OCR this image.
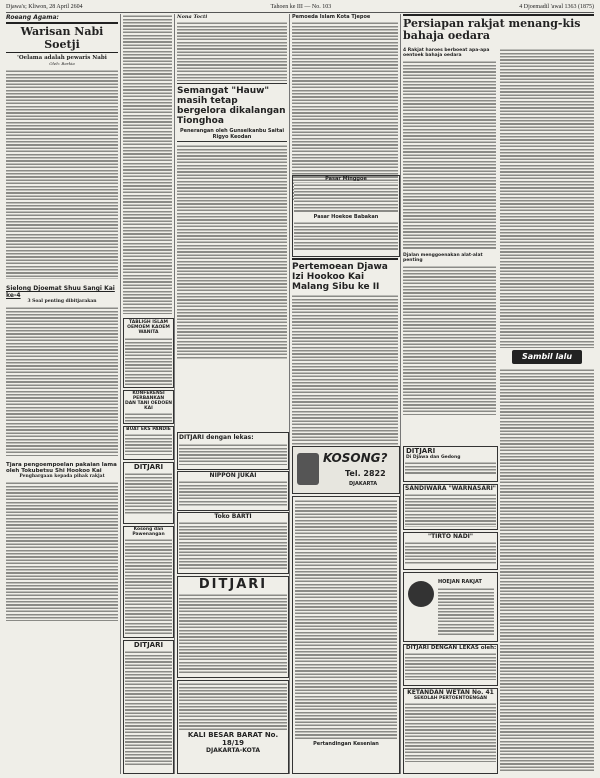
Djawa's; Kliwon, 28 April 2604	Tahoen ke III — No. 103	4 Djoemadil 'awal 1363 (1875)
Roeang Agama:
Warisan Nabi Soetji
'Oelama adalah pewaris Nabi
Oleh: Barkia
Sielong Djoemat Shuu Sangi Kai ke-4
3 Soal penting dibitjarakan
Tjara pengoempoelan pakaian lama oleh Tokubetsu Shi Hookoo Kai
Penghargaan kepada pihak rakjat
TABLIGH ISLAM OEMOEM KAOEM WANITA
KONFERENSI PERBANKAN
DAN TANI OEDOEN KAI
BUAT EKS PANDIE
DITJARI
Kosong dan Pawenangan
DITJARI
Nona Tocti
Semangat "Hauw" masih tetap bergelora dikalangan Tionghoa
Penerangan oleh Gunseikanbu Saitai Rigyo Keodan
DITJARI dengan lekas:
NIPPON JUKAI
Toko BARTI
DITJARI
KALI BESAR BARAT No. 18/19
DJAKARTA-KOTA
Pemoeda Islam Kota Tjepoe
Pasar Minggoe
Pasar Hoekoe Babakan
Pertemoean Djawa Izi Hookoo Kai Malang Sibu ke II
KOSONG?
Tel. 2822
DJAKARTA
Pertandingan Kesenian
Persiapan rakjat menang-kis bahaja oedara
4 Rakjat haroes berboeat apa-apa oentoek bahaja oedara
Djalan menggoenakan alat-alat penting
Sambil lalu
DITJARI
Di Djawa dan Gedong
SANDIWARA "WARNASARI"
"TIRTO NADI"
HOEJAN RAKJAT
DITJARI DENGAN LEKAS oleh:
KETANDAN WETAN No. 41
SEKOLAH PERTOENTOENGAN
